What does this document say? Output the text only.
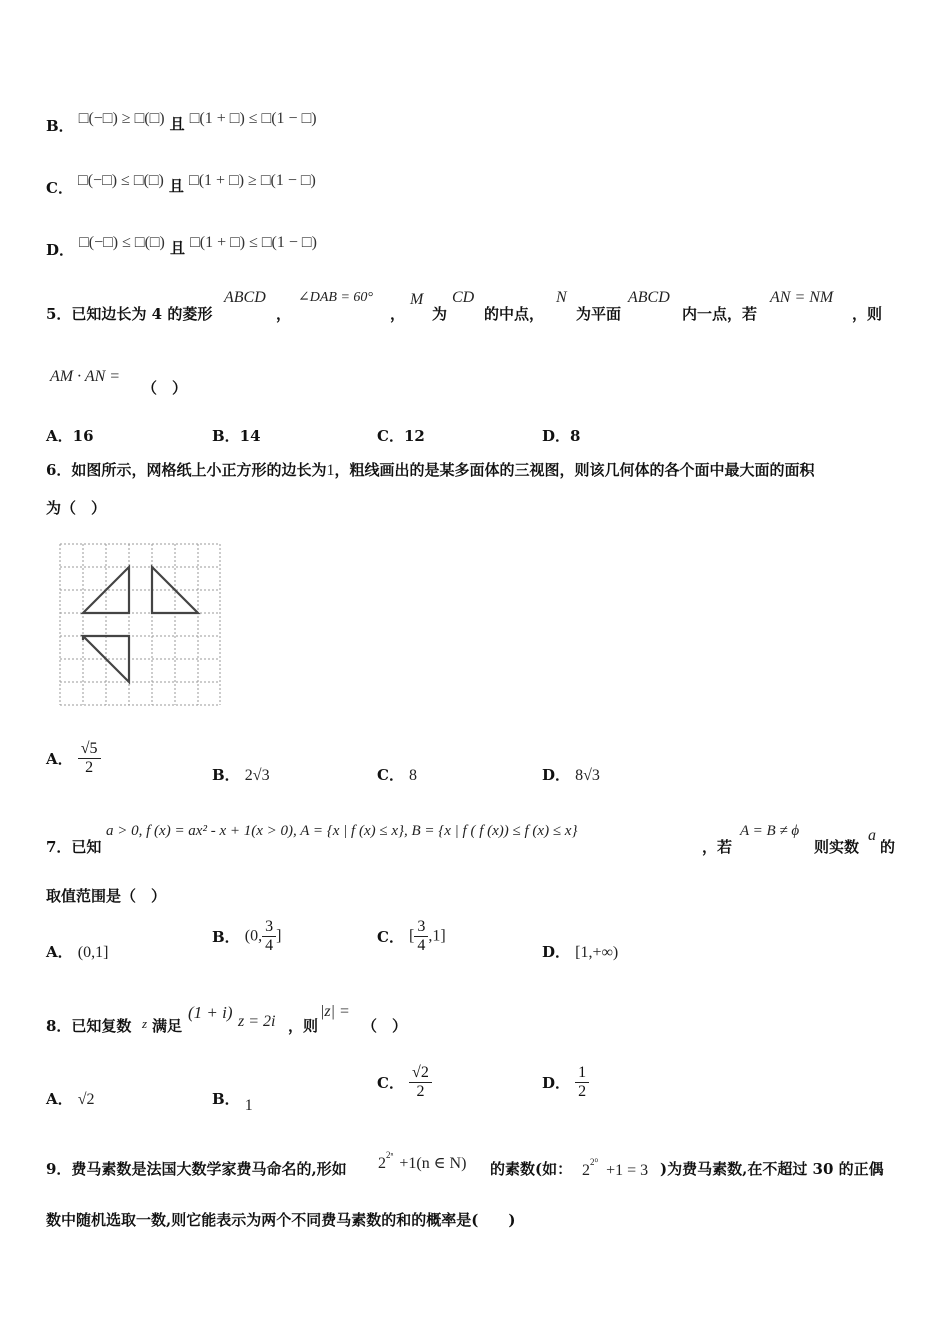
B． □(−□) ≥ □(□) 且 □(1 + □) ≤ □(1 − □)
C． □(−□) ≤ □(□) 且 □(1 + □) ≥ □(1 − □)
D． □(−□) ≤ □(□) 且 □(1 + □) ≤ □(1 − □)
5．已知边长为 4 的菱形
ABCD
，
∠DAB = 60°
，
M
为
CD
的中点，
N
为平面
ABCD
内一点，若
AN = NM
，则
AM · AN =
（　）
A．16	B．14	C．12	D．8
6．如图所示，网格纸上小正方形的边长为1，粗线画出的是某多面体的三视图，则该几何体的各个面中最大面的面积
为（　）
A． $\frac{√5}{2}$	B． 2√3	C． 8	D． 8√3
7．已知
a > 0, f (x) = ax² - x + 1(x > 0), A = {x | f (x) ≤ x}, B = {x | f ( f (x)) ≤ f (x) ≤ x}
，若
A = B ≠ ϕ
则实数
a
的
取值范围是（　）
A． (0,1]
B． (0, $\frac{3}{4}$ ]	C． [ $\frac{3}{4} ,1$]
D． [1,+∞)
8．已知复数 z 满足
(1 + i) z = 2i ，则
|z| =
（　）
A． √2	B． 1
C． $\frac{√2}{2}$	D． $\frac{1}{2}$
9．费马素数是法国大数学家费马命名的,形如 $2^{2^n} +1(n$ ∈ N) 的素数(如： $2^{2^0} +1 = 3$ )为费马素数,在不超过 30 的正偶
数中随机选取一数,则它能表示为两个不同费马素数的和的概率是(　　)
